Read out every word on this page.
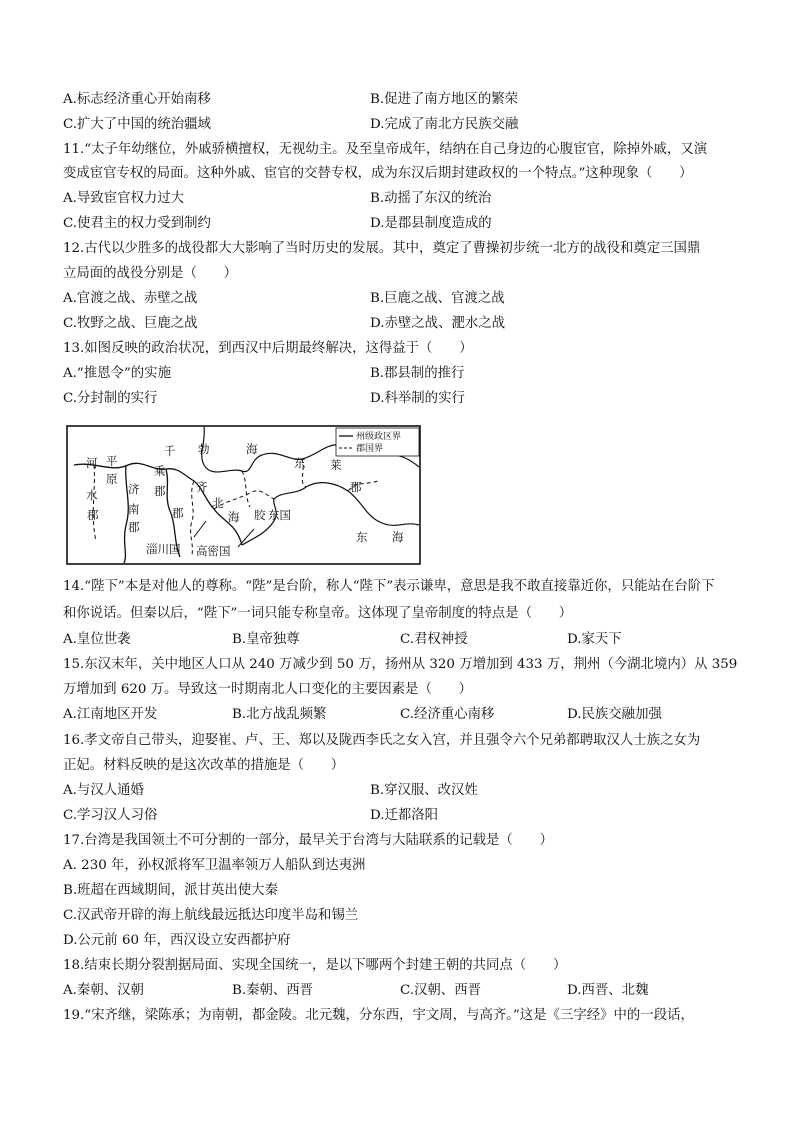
A.标志经济重心开始南移	B.促进了南方地区的繁荣
C.扩大了中国的统治疆域	D.完成了南北方民族交融
11.“太子年幼继位，外戚骄横擅权，无视幼主。及至皇帝成年，结纳在自己身边的心腹宦官，除掉外戚，又演
变成宦官专权的局面。这种外戚、宦官的交替专权，成为东汉后期封建政权的一个特点。”这种现象（　　）
A.导致宦官权力过大	B.动摇了东汉的统治
C.使君主的权力受到制约	D.是郡县制度造成的
12.古代以少胜多的战役都大大影响了当时历史的发展。其中，奠定了曹操初步统一北方的战役和奠定三国鼎
立局面的战役分别是（　　）
A.官渡之战、赤壁之战	B.巨鹿之战、官渡之战
C.牧野之战、巨鹿之战	D.赤壁之战、淝水之战
13.如图反映的政治状况，到西汉中后期最终解决，这得益于（　　）
A.“推恩令”的实施	B.郡县制的推行
C.分封制的实行	D.科举制的实行
州级政区界
郡国界
河
水
郡
平
原
济
南
郡
千
乘
郡	齐
郡
勃	海
北
海 胶 东国
东 莱
郡
东 海
淄川国 高密国
14.“陛下”本是对他人的尊称。“陛”是台阶，称人“陛下”表示谦卑，意思是我不敢直接靠近你，只能站在台阶下
和你说话。但秦以后，“陛下”一词只能专称皇帝。这体现了皇帝制度的特点是（　　）
A.皇位世袭	B.皇帝独尊	C.君权神授	D.家天下
15.东汉末年，关中地区人口从 240 万减少到 50 万，扬州从 320 万增加到 433 万，荆州（今湖北境内）从 359
万增加到 620 万。导致这一时期南北人口变化的主要因素是（　　）
A.江南地区开发	B.北方战乱频繁	C.经济重心南移	D.民族交融加强
16.孝文帝自己带头，迎娶崔、卢、王、郑以及陇西李氏之女入宫，并且强令六个兄弟都聘取汉人士族之女为
正妃。材料反映的是这次改革的措施是（　　）
A.与汉人通婚	B.穿汉服、改汉姓
C.学习汉人习俗	D.迁都洛阳
17.台湾是我国领土不可分割的一部分，最早关于台湾与大陆联系的记载是（　　）
A. 230 年，孙权派将军卫温率领万人船队到达夷洲
B.班超在西域期间，派甘英出使大秦
C.汉武帝开辟的海上航线最远抵达印度半岛和锡兰
D.公元前 60 年，西汉设立安西都护府
18.结束长期分裂割据局面、实现全国统一，是以下哪两个封建王朝的共同点（　　）
A.秦朝、汉朝	B.秦朝、西晋	C.汉朝、西晋	D.西晋、北魏
19.“宋齐继，梁陈承；为南朝，都金陵。北元魏，分东西，宇文周，与高齐。”这是《三字经》中的一段话，
